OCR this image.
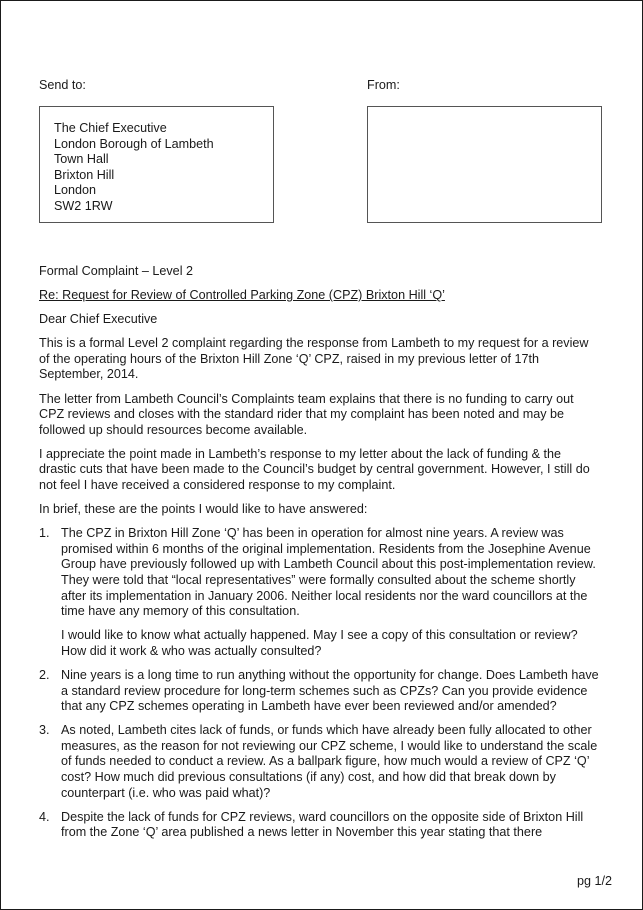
Send to:	From:
The Chief Executive
London Borough of Lambeth
Town Hall
Brixton Hill
London
SW2 1RW

Formal Complaint – Level 2

Re: Request for Review of Controlled Parking Zone (CPZ) Brixton Hill ‘Q’

Dear Chief Executive

This is a formal Level 2 complaint regarding the response from Lambeth to my request for a review of the operating hours of the Brixton Hill Zone ‘Q’ CPZ, raised in my previous letter of 17th September, 2014.

The letter from Lambeth Council’s Complaints team explains that there is no funding to carry out CPZ reviews and closes with the standard rider that my complaint has been noted and may be followed up should resources become available.

I appreciate the point made in Lambeth’s response to my letter about the lack of funding & the drastic cuts that have been made to the Council’s budget by central government. However, I still do not feel I have received a considered response to my complaint.

In brief, these are the points I would like to have answered:

1. The CPZ in Brixton Hill Zone ‘Q’ has been in operation for almost nine years. A review was promised within 6 months of the original implementation. Residents from the Josephine Avenue Group have previously followed up with Lambeth Council about this post-implementation review. They were told that “local representatives” were formally consulted about the scheme shortly after its implementation in January 2006. Neither local residents nor the ward councillors at the time have any memory of this consultation.

I would like to know what actually happened. May I see a copy of this consultation or review? How did it work & who was actually consulted?

2. Nine years is a long time to run anything without the opportunity for change. Does Lambeth have a standard review procedure for long-term schemes such as CPZs? Can you provide evidence that any CPZ schemes operating in Lambeth have ever been reviewed and/or amended?

3. As noted, Lambeth cites lack of funds, or funds which have already been fully allocated to other measures, as the reason for not reviewing our CPZ scheme, I would like to understand the scale of funds needed to conduct a review. As a ballpark figure, how much would a review of CPZ ‘Q’ cost? How much did previous consultations (if any) cost, and how did that break down by counterpart (i.e. who was paid what)?

4. Despite the lack of funds for CPZ reviews, ward councillors on the opposite side of Brixton Hill from the Zone ‘Q’ area published a news letter in November this year stating that there

pg 1/2
